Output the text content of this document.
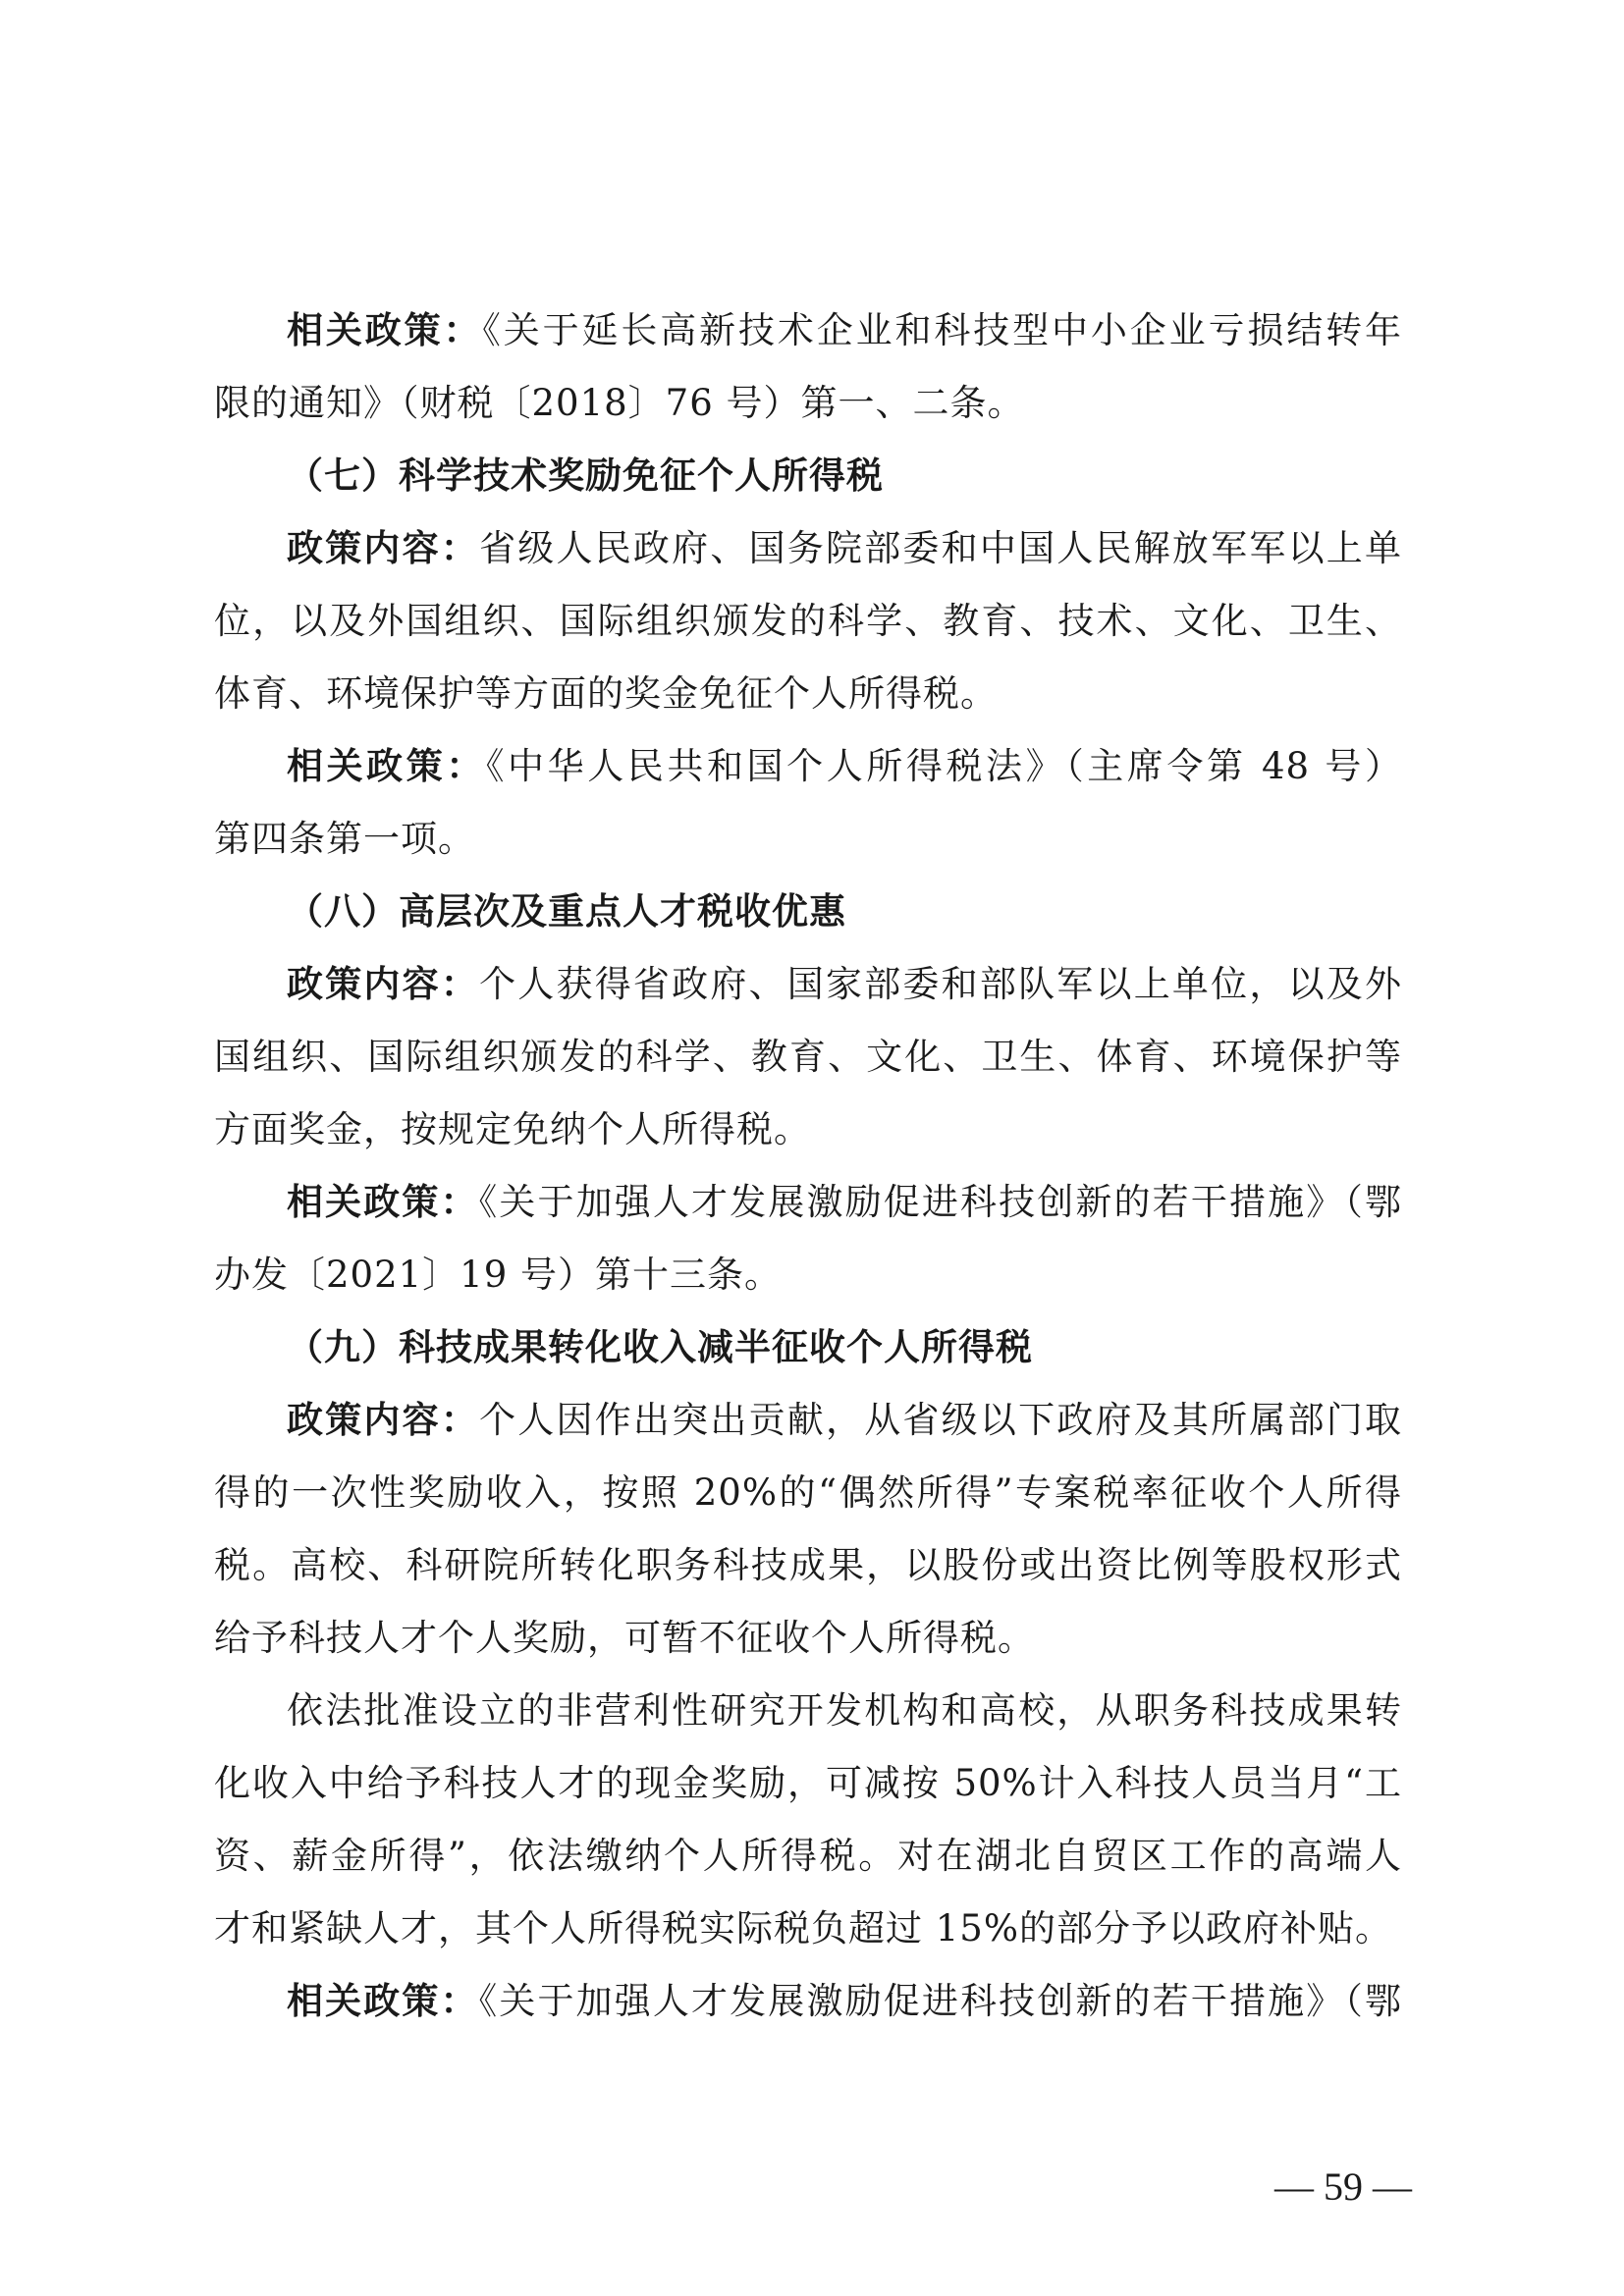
相关政策：《关于延长高新技术企业和科技型中小企业亏损结转年
限的通知》（财税〔2018〕76 号）第一、二条。
（七）科学技术奖励免征个人所得税
政策内容：省级人民政府、国务院部委和中国人民解放军军以上单
位，以及外国组织、国际组织颁发的科学、教育、技术、文化、卫生、
体育、环境保护等方面的奖金免征个人所得税。
相关政策：《中华人民共和国个人所得税法》（主席令第 48 号）
第四条第一项。
（八）高层次及重点人才税收优惠
政策内容：个人获得省政府、国家部委和部队军以上单位，以及外
国组织、国际组织颁发的科学、教育、文化、卫生、体育、环境保护等
方面奖金，按规定免纳个人所得税。
相关政策：《关于加强人才发展激励促进科技创新的若干措施》（鄂
办发〔2021〕19 号）第十三条。
（九）科技成果转化收入减半征收个人所得税
政策内容：个人因作出突出贡献，从省级以下政府及其所属部门取
得的一次性奖励收入，按照 20%的“偶然所得”专案税率征收个人所得
税。高校、科研院所转化职务科技成果，以股份或出资比例等股权形式
给予科技人才个人奖励，可暂不征收个人所得税。
依法批准设立的非营利性研究开发机构和高校，从职务科技成果转
化收入中给予科技人才的现金奖励，可减按 50%计入科技人员当月“工
资、薪金所得”，依法缴纳个人所得税。对在湖北自贸区工作的高端人
才和紧缺人才，其个人所得税实际税负超过 15%的部分予以政府补贴。
相关政策：《关于加强人才发展激励促进科技创新的若干措施》（鄂
— 59 —
